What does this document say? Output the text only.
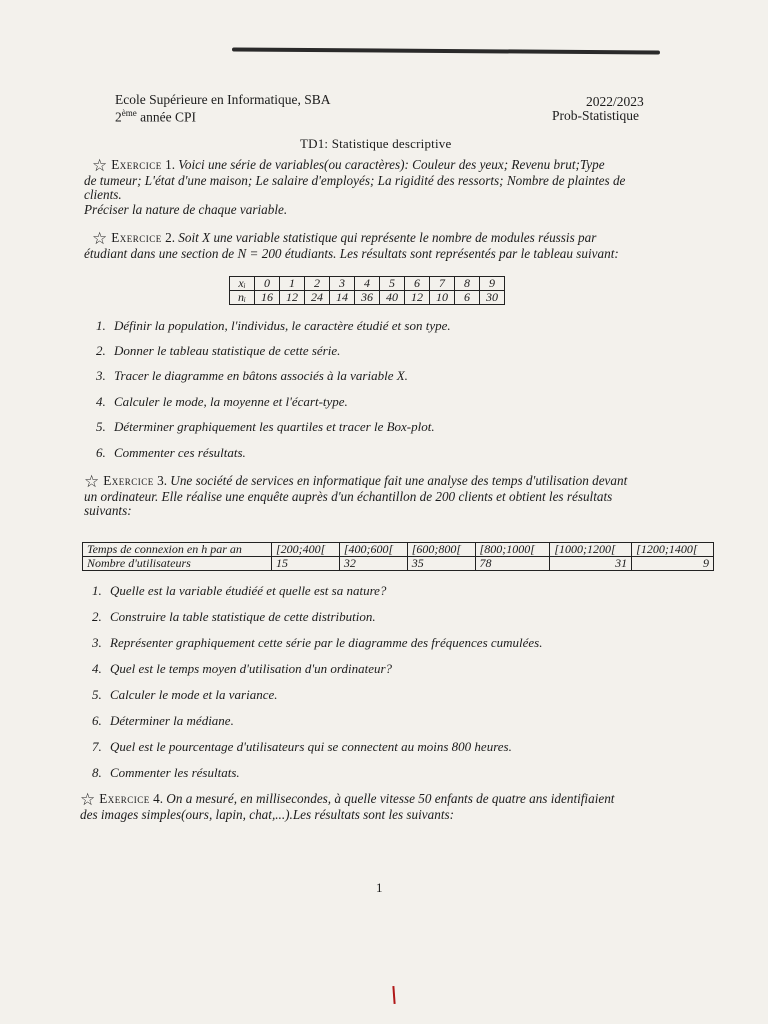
Ecole Supérieure en Informatique, SBA
2ème année CPI
2022/2023
Prob-Statistique
TD1: Statistique descriptive
☆ Exercice 1. Voici une série de variables(ou caractères): Couleur des yeux; Revenu brut;Type
de tumeur; L'état d'une maison; Le salaire d'employés; La rigidité des ressorts; Nombre de plaintes de
clients.
Préciser la nature de chaque variable.
☆ Exercice 2. Soit X une variable statistique qui représente le nombre de modules réussis par
étudiant dans une section de N = 200 étudiants. Les résultats sont représentés par le tableau suivant:
xᵢ	0	1	2	3	4	5	6	7	8	9
nᵢ	16	12	24	14	36	40	12	10	6	30
1. Définir la population, l'individus, le caractère étudié et son type.
2. Donner le tableau statistique de cette série.
3. Tracer le diagramme en bâtons associés à la variable X.
4. Calculer le mode, la moyenne et l'écart-type.
5. Déterminer graphiquement les quartiles et tracer le Box-plot.
6. Commenter ces résultats.
☆ Exercice 3. Une société de services en informatique fait une analyse des temps d'utilisation devant
un ordinateur. Elle réalise une enquête auprès d'un échantillon de 200 clients et obtient les résultats
suivants:
Temps de connexion en h par an	[200;400[	[400;600[	[600;800[	[800;1000[	[1000;1200[	[1200;1400[
Nombre d'utilisateurs	15	32	35	78	31	9
1. Quelle est la variable étudiéé et quelle est sa nature?
2. Construire la table statistique de cette distribution.
3. Représenter graphiquement cette série par le diagramme des fréquences cumulées.
4. Quel est le temps moyen d'utilisation d'un ordinateur?
5. Calculer le mode et la variance.
6. Déterminer la médiane.
7. Quel est le pourcentage d'utilisateurs qui se connectent au moins 800 heures.
8. Commenter les résultats.
☆ Exercice 4. On a mesuré, en millisecondes, à quelle vitesse 50 enfants de quatre ans identifiaient
des images simples(ours, lapin, chat,...).Les résultats sont les suivants:
1
